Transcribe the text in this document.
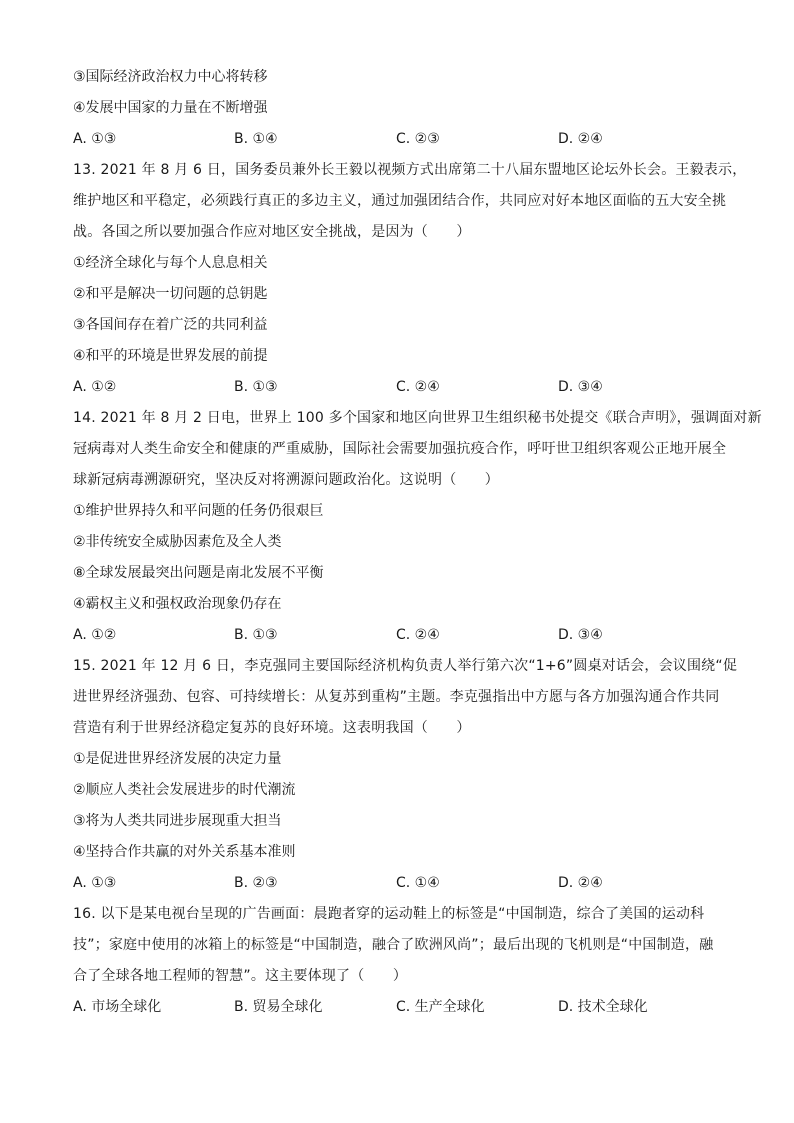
③国际经济政治权力中心将转移
④发展中国家的力量在不断增强
A. ①③	B. ①④	C. ②③	D. ②④
13. 2021 年 8 月 6 日，国务委员兼外长王毅以视频方式出席第二十八届东盟地区论坛外长会。王毅表示，
维护地区和平稳定，必须践行真正的多边主义，通过加强团结合作，共同应对好本地区面临的五大安全挑
战。各国之所以要加强合作应对地区安全挑战，是因为（　　）
①经济全球化与每个人息息相关
②和平是解决一切问题的总钥匙
③各国间存在着广泛的共同利益
④和平的环境是世界发展的前提
A. ①②	B. ①③	C. ②④	D. ③④
14. 2021 年 8 月 2 日电，世界上 100 多个国家和地区向世界卫生组织秘书处提交《联合声明》，强调面对新
冠病毒对人类生命安全和健康的严重威胁，国际社会需要加强抗疫合作，呼吁世卫组织客观公正地开展全
球新冠病毒溯源研究，坚决反对将溯源问题政治化。这说明（　　）
①维护世界持久和平问题的任务仍很艰巨
②非传统安全威胁因素危及全人类
⑧全球发展最突出问题是南北发展不平衡
④霸权主义和强权政治现象仍存在
A. ①②	B. ①③	C. ②④	D. ③④
15. 2021 年 12 月 6 日，李克强同主要国际经济机构负责人举行第六次“1+6”圆桌对话会，会议围绕“促
进世界经济强劲、包容、可持续增长：从复苏到重构”主题。李克强指出中方愿与各方加强沟通合作共同
营造有利于世界经济稳定复苏的良好环境。这表明我国（　　）
①是促进世界经济发展的决定力量
②顺应人类社会发展进步的时代潮流
③将为人类共同进步展现重大担当
④坚持合作共赢的对外关系基本准则
A. ①③	B. ②③	C. ①④	D. ②④
16. 以下是某电视台呈现的广告画面：晨跑者穿的运动鞋上的标签是“中国制造，综合了美国的运动科
技”；家庭中使用的冰箱上的标签是“中国制造，融合了欧洲风尚”；最后出现的飞机则是“中国制造，融
合了全球各地工程师的智慧”。这主要体现了（　　）
A. 市场全球化	B. 贸易全球化	C. 生产全球化	D. 技术全球化
